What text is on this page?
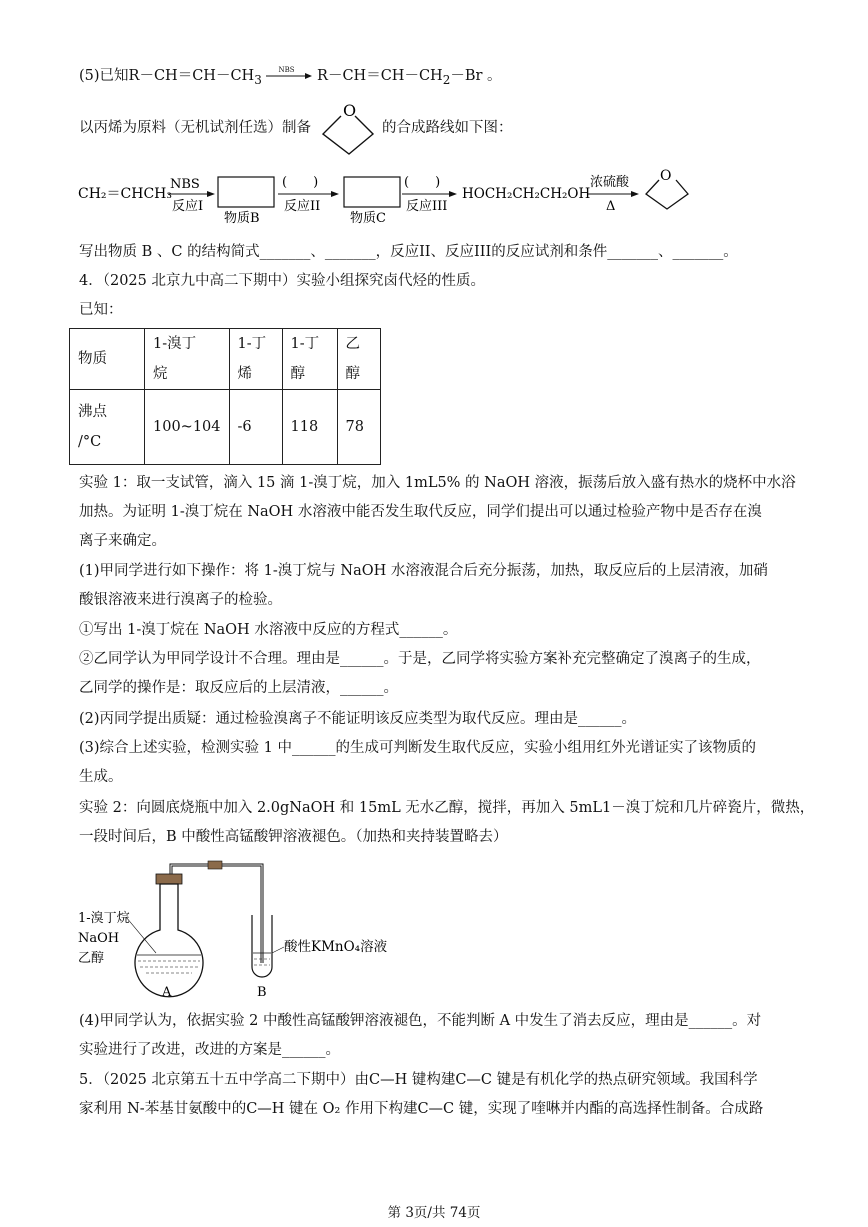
(5)已知$R-CH=CH-CH_3$
NBS $R-CH=CH-CH_2-Br$ 。
以丙烯为原料（无机试剂任选）制备
O
的合成路线如下图：
CH₂＝CHCH₃
NBS
反应I
物质B
(　　)
反应II
物质C
(　　)
反应III
HOCH₂CH₂CH₂OH
浓硫酸
Δ
O
写出物质 B 、C 的结构简式_______、_______，反应II、反应III的反应试剂和条件_______、_______。
4．（2025 北京九中高二下期中）实验小组探究卤代烃的性质。
已知：
物质	1-溴丁
烷	1-丁
烯	1-丁
醇	乙
醇
沸点
/°C	100~104	-6	118	78
实验 1：取一支试管，滴入 15 滴 1-溴丁烷，加入 1mL5% 的 NaOH 溶液，振荡后放入盛有热水的烧杯中水浴
加热。为证明 1-溴丁烷在 NaOH 水溶液中能否发生取代反应，同学们提出可以通过检验产物中是否存在溴
离子来确定。
(1)甲同学进行如下操作：将 1-溴丁烷与 NaOH 水溶液混合后充分振荡，加热，取反应后的上层清液，加硝
酸银溶液来进行溴离子的检验。
①写出 1-溴丁烷在 NaOH 水溶液中反应的方程式______。
②乙同学认为甲同学设计不合理。理由是______。于是，乙同学将实验方案补充完整确定了溴离子的生成，
乙同学的操作是：取反应后的上层清液，______。
(2)丙同学提出质疑：通过检验溴离子不能证明该反应类型为取代反应。理由是______。
(3)综合上述实验，检测实验 1 中______的生成可判断发生取代反应，实验小组用红外光谱证实了该物质的
生成。
实验 2：向圆底烧瓶中加入 2.0gNaOH 和 15mL 无水乙醇，搅拌，再加入 5mL1－溴丁烷和几片碎瓷片，微热，
一段时间后，B 中酸性高锰酸钾溶液褪色。（加热和夹持装置略去）
1-溴丁烷
NaOH
乙醇
酸性KMnO₄溶液
A	B
(4)甲同学认为，依据实验 2 中酸性高锰酸钾溶液褪色，不能判断 A 中发生了消去反应，理由是______。对
实验进行了改进，改进的方案是______。
5．（2025 北京第五十五中学高二下期中）由C—H 键构建C—C 键是有机化学的热点研究领域。我国科学
家利用 N-苯基甘氨酸中的C—H 键在 O₂ 作用下构建C—C 键，实现了喹啉并内酯的高选择性制备。合成路
第 3页/共 74页
